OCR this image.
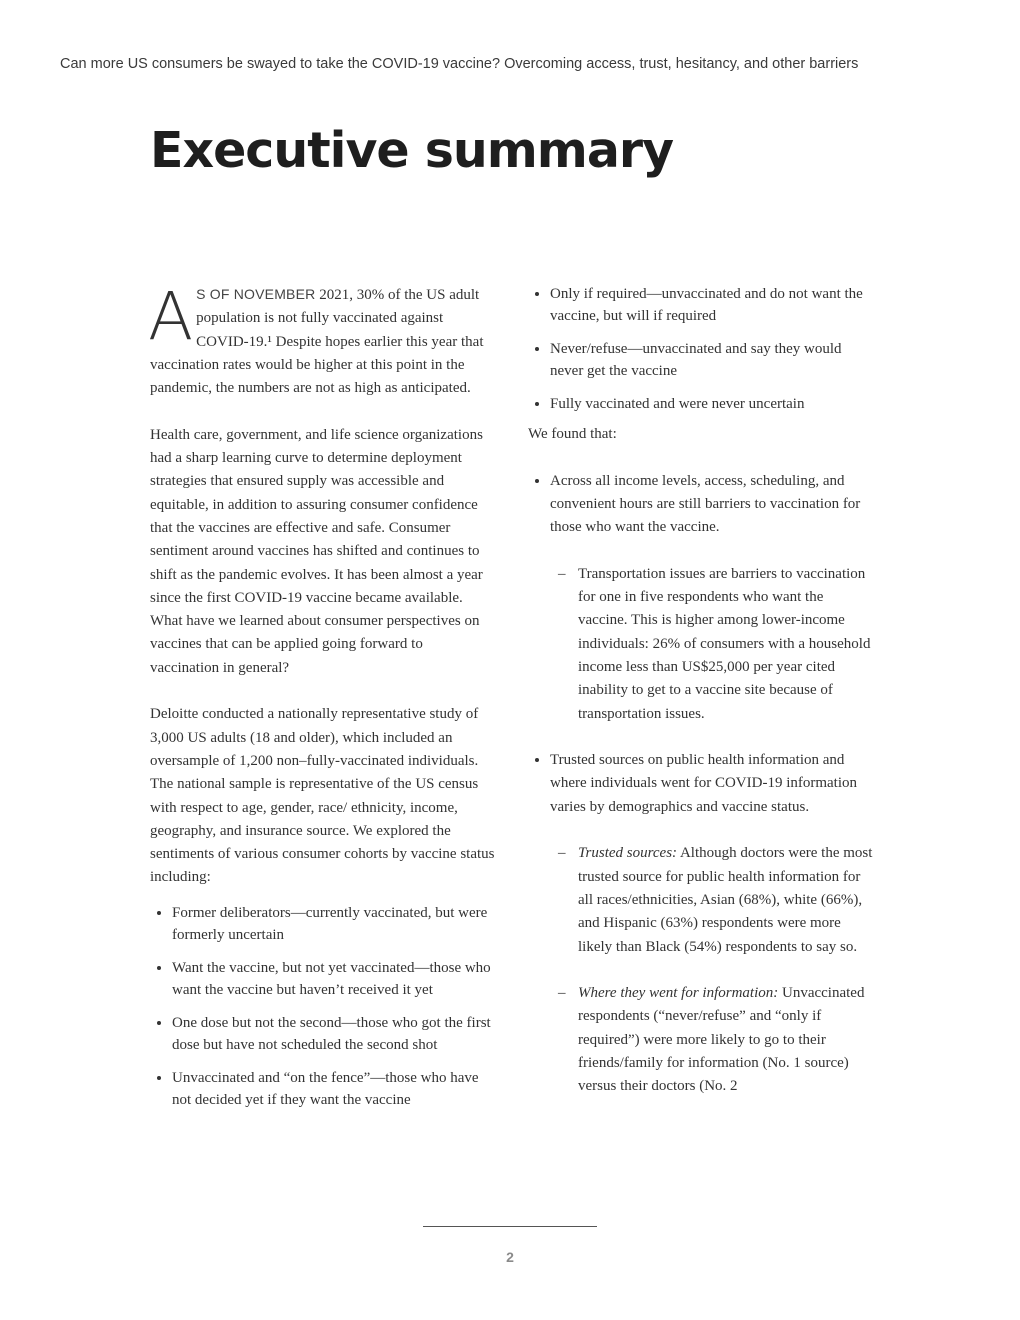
Can more US consumers be swayed to take the COVID-19 vaccine? Overcoming access, trust, hesitancy, and other barriers
Executive summary

A S OF NOVEMBER 2021, 30% of the US adult population is not fully vaccinated against COVID-19.¹ Despite hopes earlier this year that vaccination rates would be higher at this point in the pandemic, the numbers are not as high as anticipated.

Health care, government, and life science organizations had a sharp learning curve to determine deployment strategies that ensured supply was accessible and equitable, in addition to assuring consumer confidence that the vaccines are effective and safe. Consumer sentiment around vaccines has shifted and continues to shift as the pandemic evolves. It has been almost a year since the first COVID-19 vaccine became available. What have we learned about consumer perspectives on vaccines that can be applied going forward to vaccination in general?

Deloitte conducted a nationally representative study of 3,000 US adults (18 and older), which included an oversample of 1,200 non–fully-vaccinated individuals. The national sample is representative of the US census with respect to age, gender, race/ ethnicity, income, geography, and insurance source. We explored the sentiments of various consumer cohorts by vaccine status including:

Former deliberators—currently vaccinated, but were formerly uncertain
Want the vaccine, but not yet vaccinated—those who want the vaccine but haven’t received it yet
One dose but not the second—those who got the first dose but have not scheduled the second shot
Unvaccinated and “on the fence”—those who have not decided yet if they want the vaccine
Only if required—unvaccinated and do not want the vaccine, but will if required
Never/refuse—unvaccinated and say they would never get the vaccine
Fully vaccinated and were never uncertain

We found that:

Across all income levels, access, scheduling, and convenient hours are still barriers to vaccination for those who want the vaccine.
– Transportation issues are barriers to vaccination for one in five respondents who want the vaccine. This is higher among lower-income individuals: 26% of consumers with a household income less than US$25,000 per year cited inability to get to a vaccine site because of transportation issues.
Trusted sources on public health information and where individuals went for COVID-19 information varies by demographics and vaccine status.
– Trusted sources: Although doctors were the most trusted source for public health information for all races/ethnicities, Asian (68%), white (66%), and Hispanic (63%) respondents were more likely than Black (54%) respondents to say so.
– Where they went for information: Unvaccinated respondents (“never/refuse” and “only if required”) were more likely to go to their friends/family for information (No. 1 source) versus their doctors (No. 2
2
